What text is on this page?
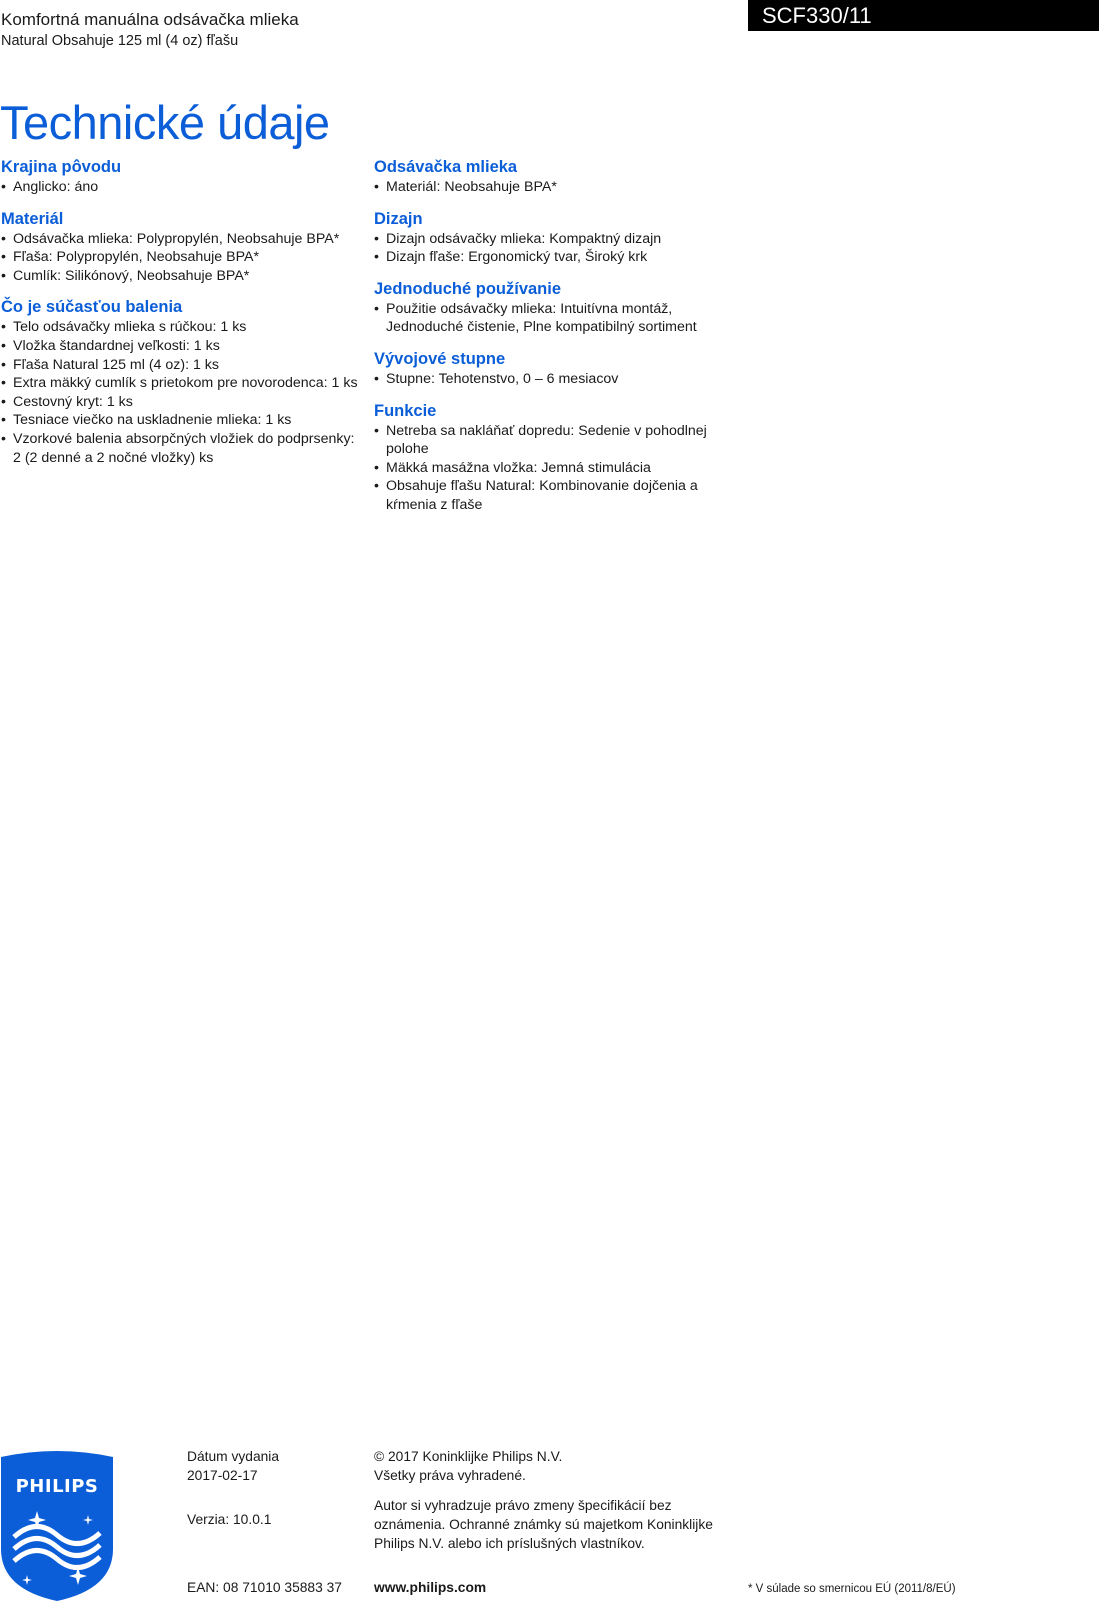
Komfortná manuálna odsávačka mlieka
Natural Obsahuje 125 ml (4 oz) fľašu
SCF330/11
Technické údaje
Krajina pôvodu
• Anglicko: áno
Materiál
• Odsávačka mlieka: Polypropylén, Neobsahuje BPA*
• Fľaša: Polypropylén, Neobsahuje BPA*
• Cumlík: Silikónový, Neobsahuje BPA*
Čo je súčasťou balenia
• Telo odsávačky mlieka s rúčkou: 1 ks
• Vložka štandardnej veľkosti: 1 ks
• Fľaša Natural 125 ml (4 oz): 1 ks
• Extra mäkký cumlík s prietokom pre novorodenca: 1 ks
• Cestovný kryt: 1 ks
• Tesniace viečko na uskladnenie mlieka: 1 ks
• Vzorkové balenia absorpčných vložiek do podprsenky: 2 (2 denné a 2 nočné vložky) ks
Odsávačka mlieka
• Materiál: Neobsahuje BPA*
Dizajn
• Dizajn odsávačky mlieka: Kompaktný dizajn
• Dizajn fľaše: Ergonomický tvar, Široký krk
Jednoduché používanie
• Použitie odsávačky mlieka: Intuitívna montáž, Jednoduché čistenie, Plne kompatibilný sortiment
Vývojové stupne
• Stupne: Tehotenstvo, 0 – 6 mesiacov
Funkcie
• Netreba sa nakláňať dopredu: Sedenie v pohodlnej polohe
• Mäkká masážna vložka: Jemná stimulácia
• Obsahuje fľašu Natural: Kombinovanie dojčenia a kŕmenia z fľaše
PHILIPS
Dátum vydania
2017-02-17
Verzia: 10.0.1
EAN: 08 71010 35883 37
© 2017 Koninklijke Philips N.V.
Všetky práva vyhradené.
Autor si vyhradzuje právo zmeny špecifikácií bez oznámenia. Ochranné známky sú majetkom Koninklijke Philips N.V. alebo ich príslušných vlastníkov.
www.philips.com	* V súlade so smernicou EÚ (2011/8/EÚ)
